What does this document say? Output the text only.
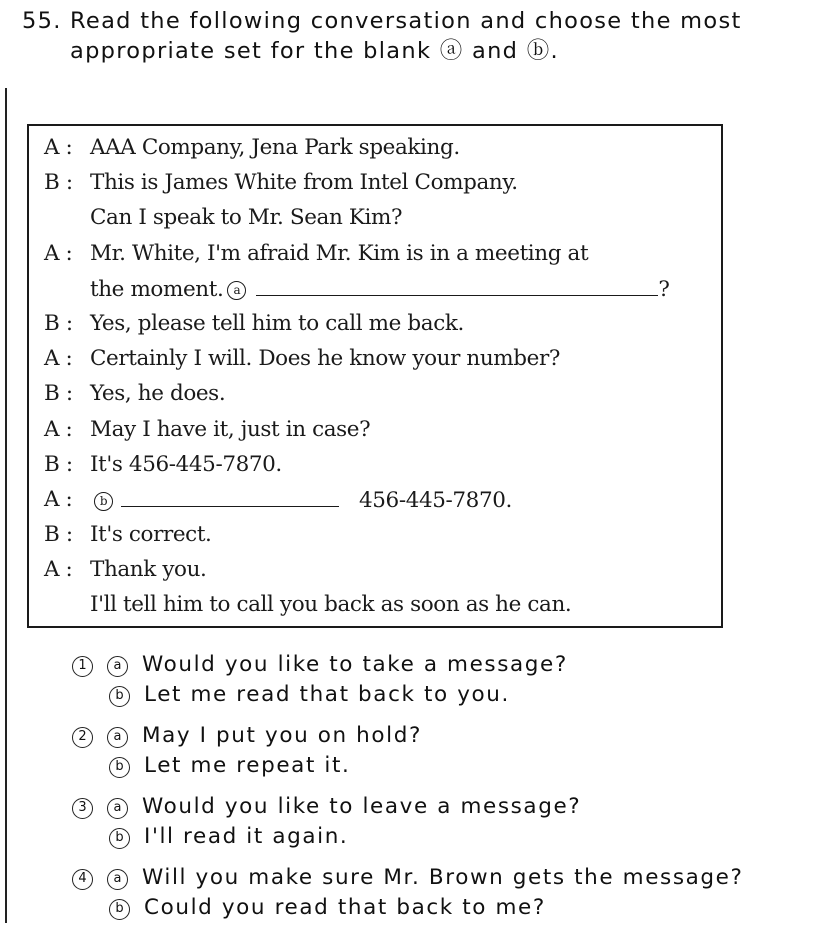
55. Read the following conversation and choose the most
appropriate set for the blank ⓐ and ⓑ.
A : AAA Company, Jena Park speaking.
B : This is James White from Intel Company.
Can I speak to Mr. Sean Kim?
A : Mr. White, I'm afraid Mr. Kim is in a meeting at
the moment. a	?
B : Yes, please tell him to call me back.
A : Certainly I will. Does he know your number?
B : Yes, he does.
A : May I have it, just in case?
B : It's 456-445-7870.
A :	b	456-445-7870.
B : It's correct.
A : Thank you.
I'll tell him to call you back as soon as he can.
1 a Would you like to take a message?
b Let me read that back to you.
2 a May I put you on hold?
b Let me repeat it.
3 a Would you like to leave a message?
b I'll read it again.
4 a Will you make sure Mr. Brown gets the message?
b Could you read that back to me?
